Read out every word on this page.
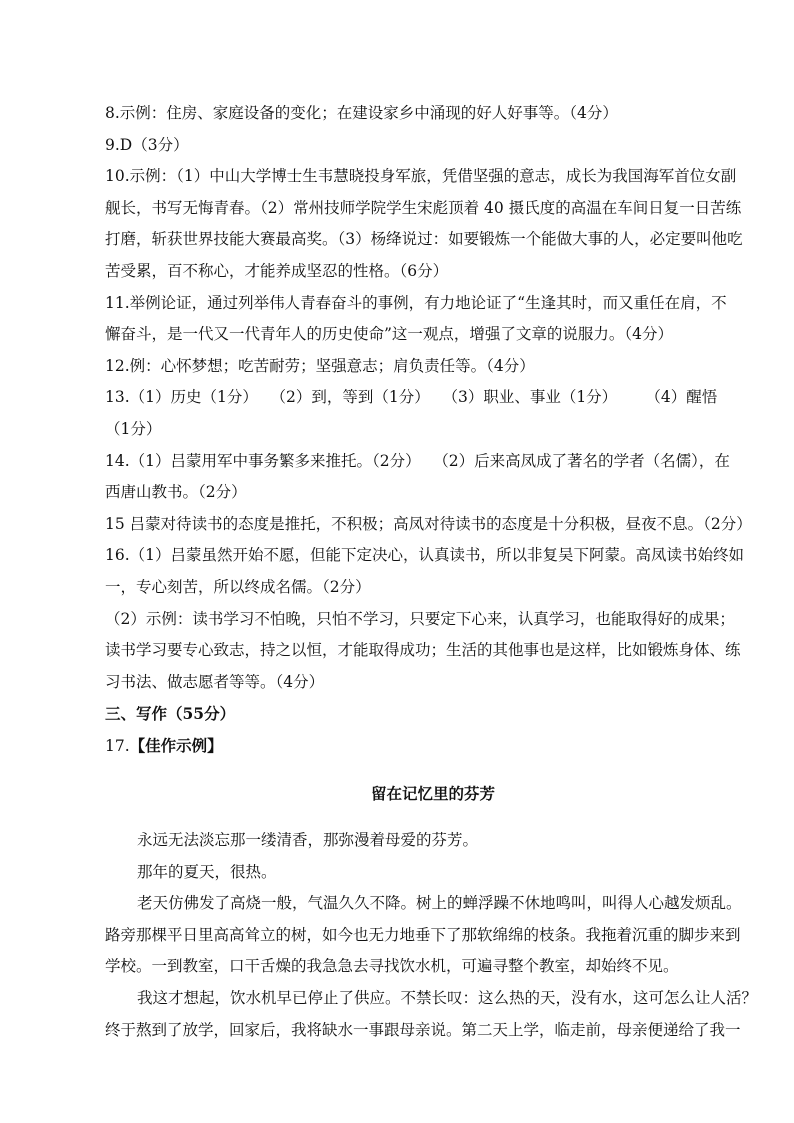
8.示例：住房、家庭设备的变化；在建设家乡中涌现的好人好事等。（4分）

9.D（3分）

10.示例：（1）中山大学博士生韦慧晓投身军旅，凭借坚强的意志，成长为我国海军首位女副

舰长，书写无悔青春。（2）常州技师学院学生宋彪顶着 40 摄氏度的高温在车间日复一日苦练

打磨，斩获世界技能大赛最高奖。（3）杨绛说过：如要锻炼一个能做大事的人，必定要叫他吃

苦受累，百不称心，才能养成坚忍的性格。（6分）

11.举例论证，通过列举伟人青春奋斗的事例，有力地论证了“生逢其时，而又重任在肩，不

懈奋斗，是一代又一代青年人的历史使命”这一观点，增强了文章的说服力。（4分）

12.例：心怀梦想；吃苦耐劳；坚强意志；肩负责任等。（4分）

13.（1）历史（1分）　 （2）到，等到（1分）　 （3）职业、事业（1分）　　 （4）醒悟

（1分）

14.（1）吕蒙用军中事务繁多来推托。（2分）　 （2）后来高凤成了著名的学者（名儒），在

西唐山教书。（2分）

15 吕蒙对待读书的态度是推托，不积极；高凤对待读书的态度是十分积极，昼夜不息。（2分）

16.（1）吕蒙虽然开始不愿，但能下定决心，认真读书，所以非复吴下阿蒙。高凤读书始终如

一，专心刻苦，所以终成名儒。（2分）

（2）示例：读书学习不怕晚，只怕不学习，只要定下心来，认真学习，也能取得好的成果；

读书学习要专心致志，持之以恒，才能取得成功；生活的其他事也是这样，比如锻炼身体、练

习书法、做志愿者等等。（4分）

三、写作（55分）

17.【佳作示例】

留在记忆里的芬芳

永远无法淡忘那一缕清香，那弥漫着母爱的芬芳。

那年的夏天，很热。

老天仿佛发了高烧一般，气温久久不降。树上的蝉浮躁不休地鸣叫，叫得人心越发烦乱。

路旁那棵平日里高高耸立的树，如今也无力地垂下了那软绵绵的枝条。我拖着沉重的脚步来到

学校。一到教室，口干舌燥的我急急去寻找饮水机，可遍寻整个教室，却始终不见。

我这才想起，饮水机早已停止了供应。不禁长叹：这么热的天，没有水，这可怎么让人活？

终于熬到了放学，回家后，我将缺水一事跟母亲说。第二天上学，临走前，母亲便递给了我一
